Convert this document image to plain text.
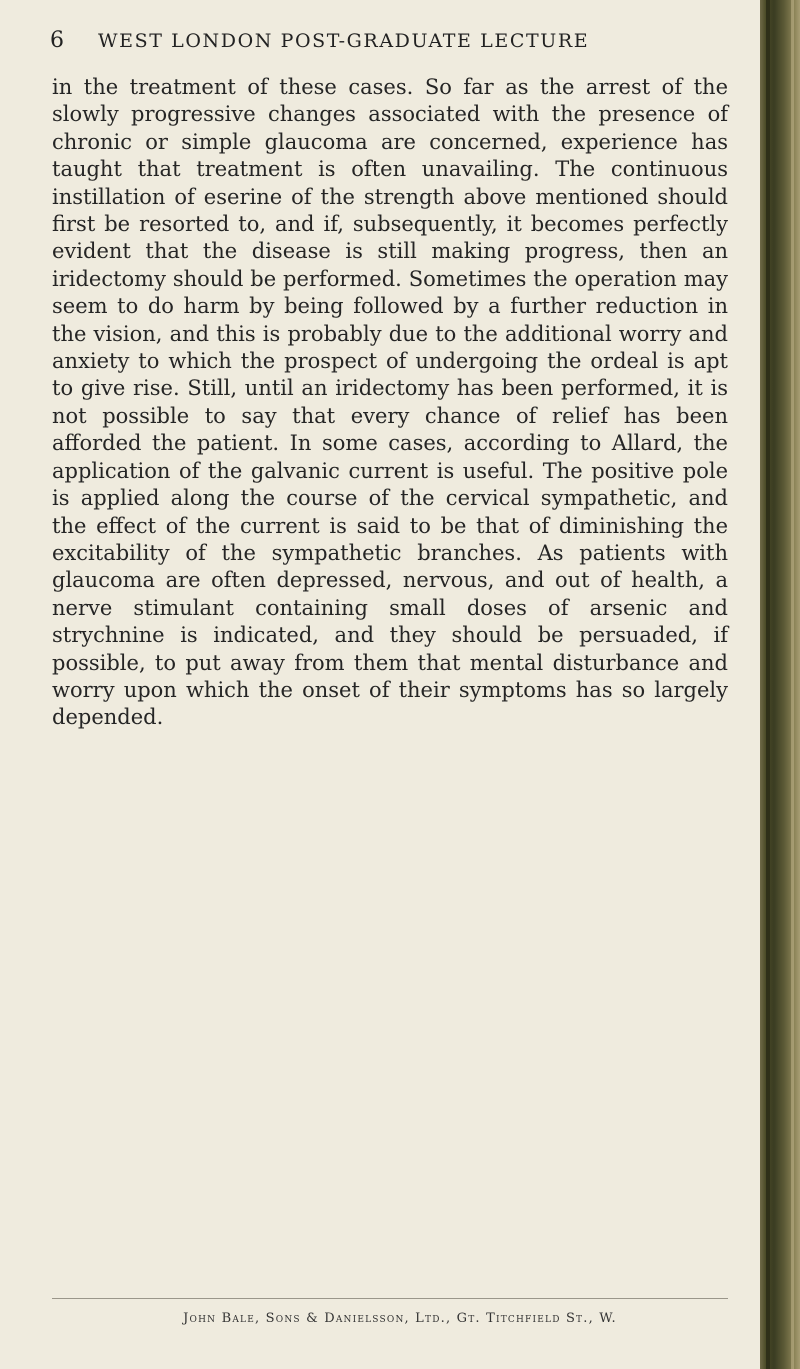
6 WEST LONDON POST-GRADUATE LECTURE

in the treatment of these cases. So far as the arrest of the slowly progressive changes associated with the presence of chronic or simple glaucoma are concerned, experience has taught that treatment is often unavailing. The continuous instillation of eserine of the strength above mentioned should first be resorted to, and if, subsequently, it becomes perfectly evident that the disease is still making progress, then an iridectomy should be performed. Sometimes the operation may seem to do harm by being followed by a further reduction in the vision, and this is probably due to the additional worry and anxiety to which the prospect of undergoing the ordeal is apt to give rise. Still, until an iridectomy has been performed, it is not possible to say that every chance of relief has been afforded the patient. In some cases, according to Allard, the application of the galvanic current is useful. The positive pole is applied along the course of the cervical sympathetic, and the effect of the current is said to be that of diminishing the excitability of the sympathetic branches. As patients with glaucoma are often depressed, nervous, and out of health, a nerve stimulant containing small doses of arsenic and strychnine is indicated, and they should be persuaded, if possible, to put away from them that mental disturbance and worry upon which the onset of their symptoms has so largely depended.

John Bale, Sons & Danielsson, Ltd., Gt. Titchfield St., W.
